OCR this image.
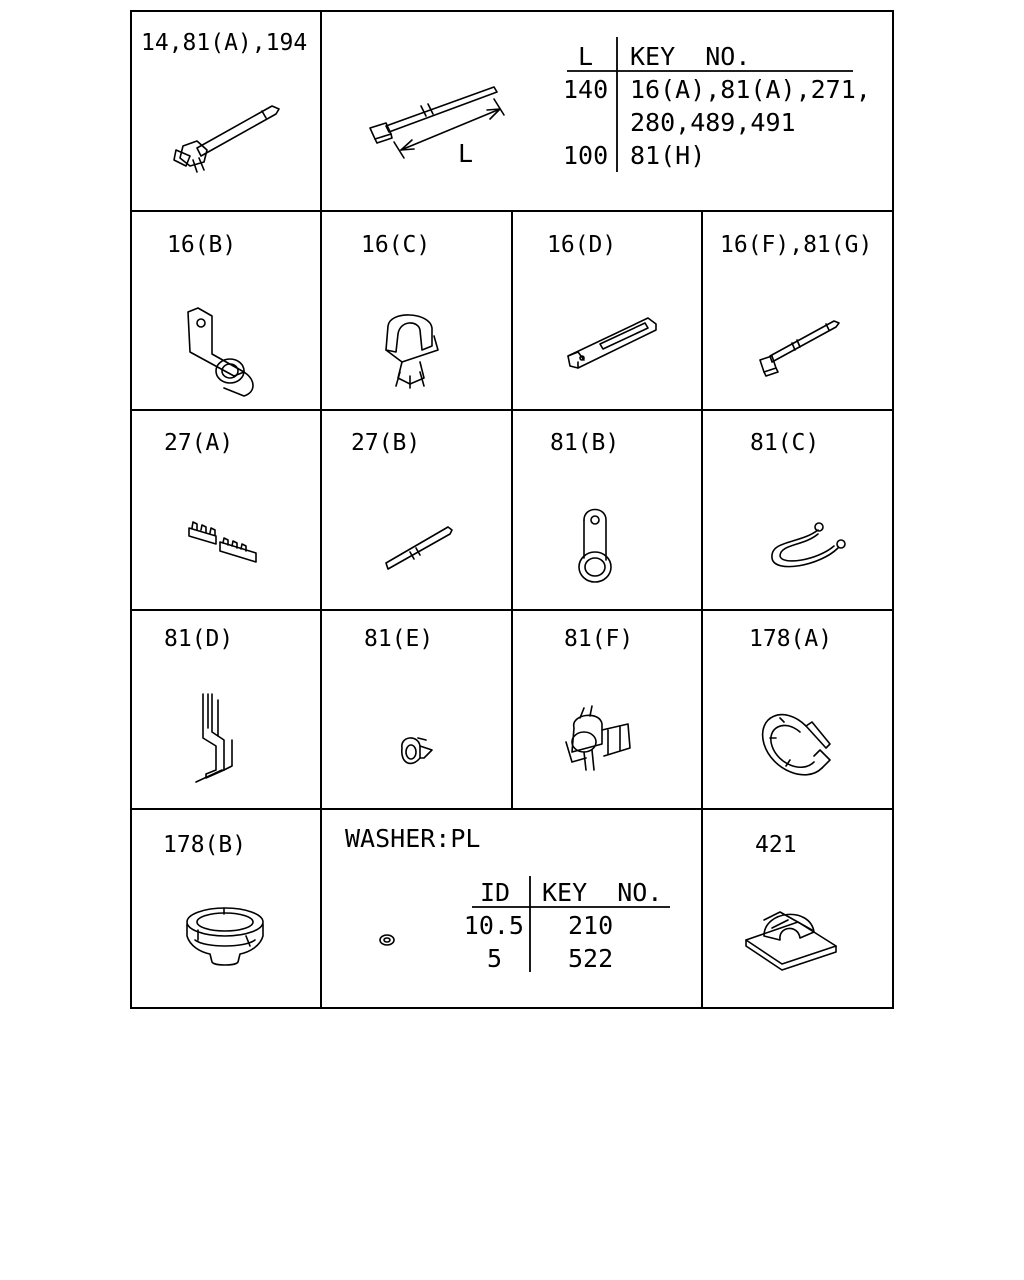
14,81(A),194
16(B)	16(C)	16(D)	16(F),81(G)
27(A)	27(B)	81(B)	81(C)
81(D)	81(E)	81(F)	178(A)
178(B)	421
L KEY  NO.
140 16(A),81(A),271,
280,489,491
100 81(H)
WASHER:PL
ID KEY  NO.
10.5 210
5	522
L
